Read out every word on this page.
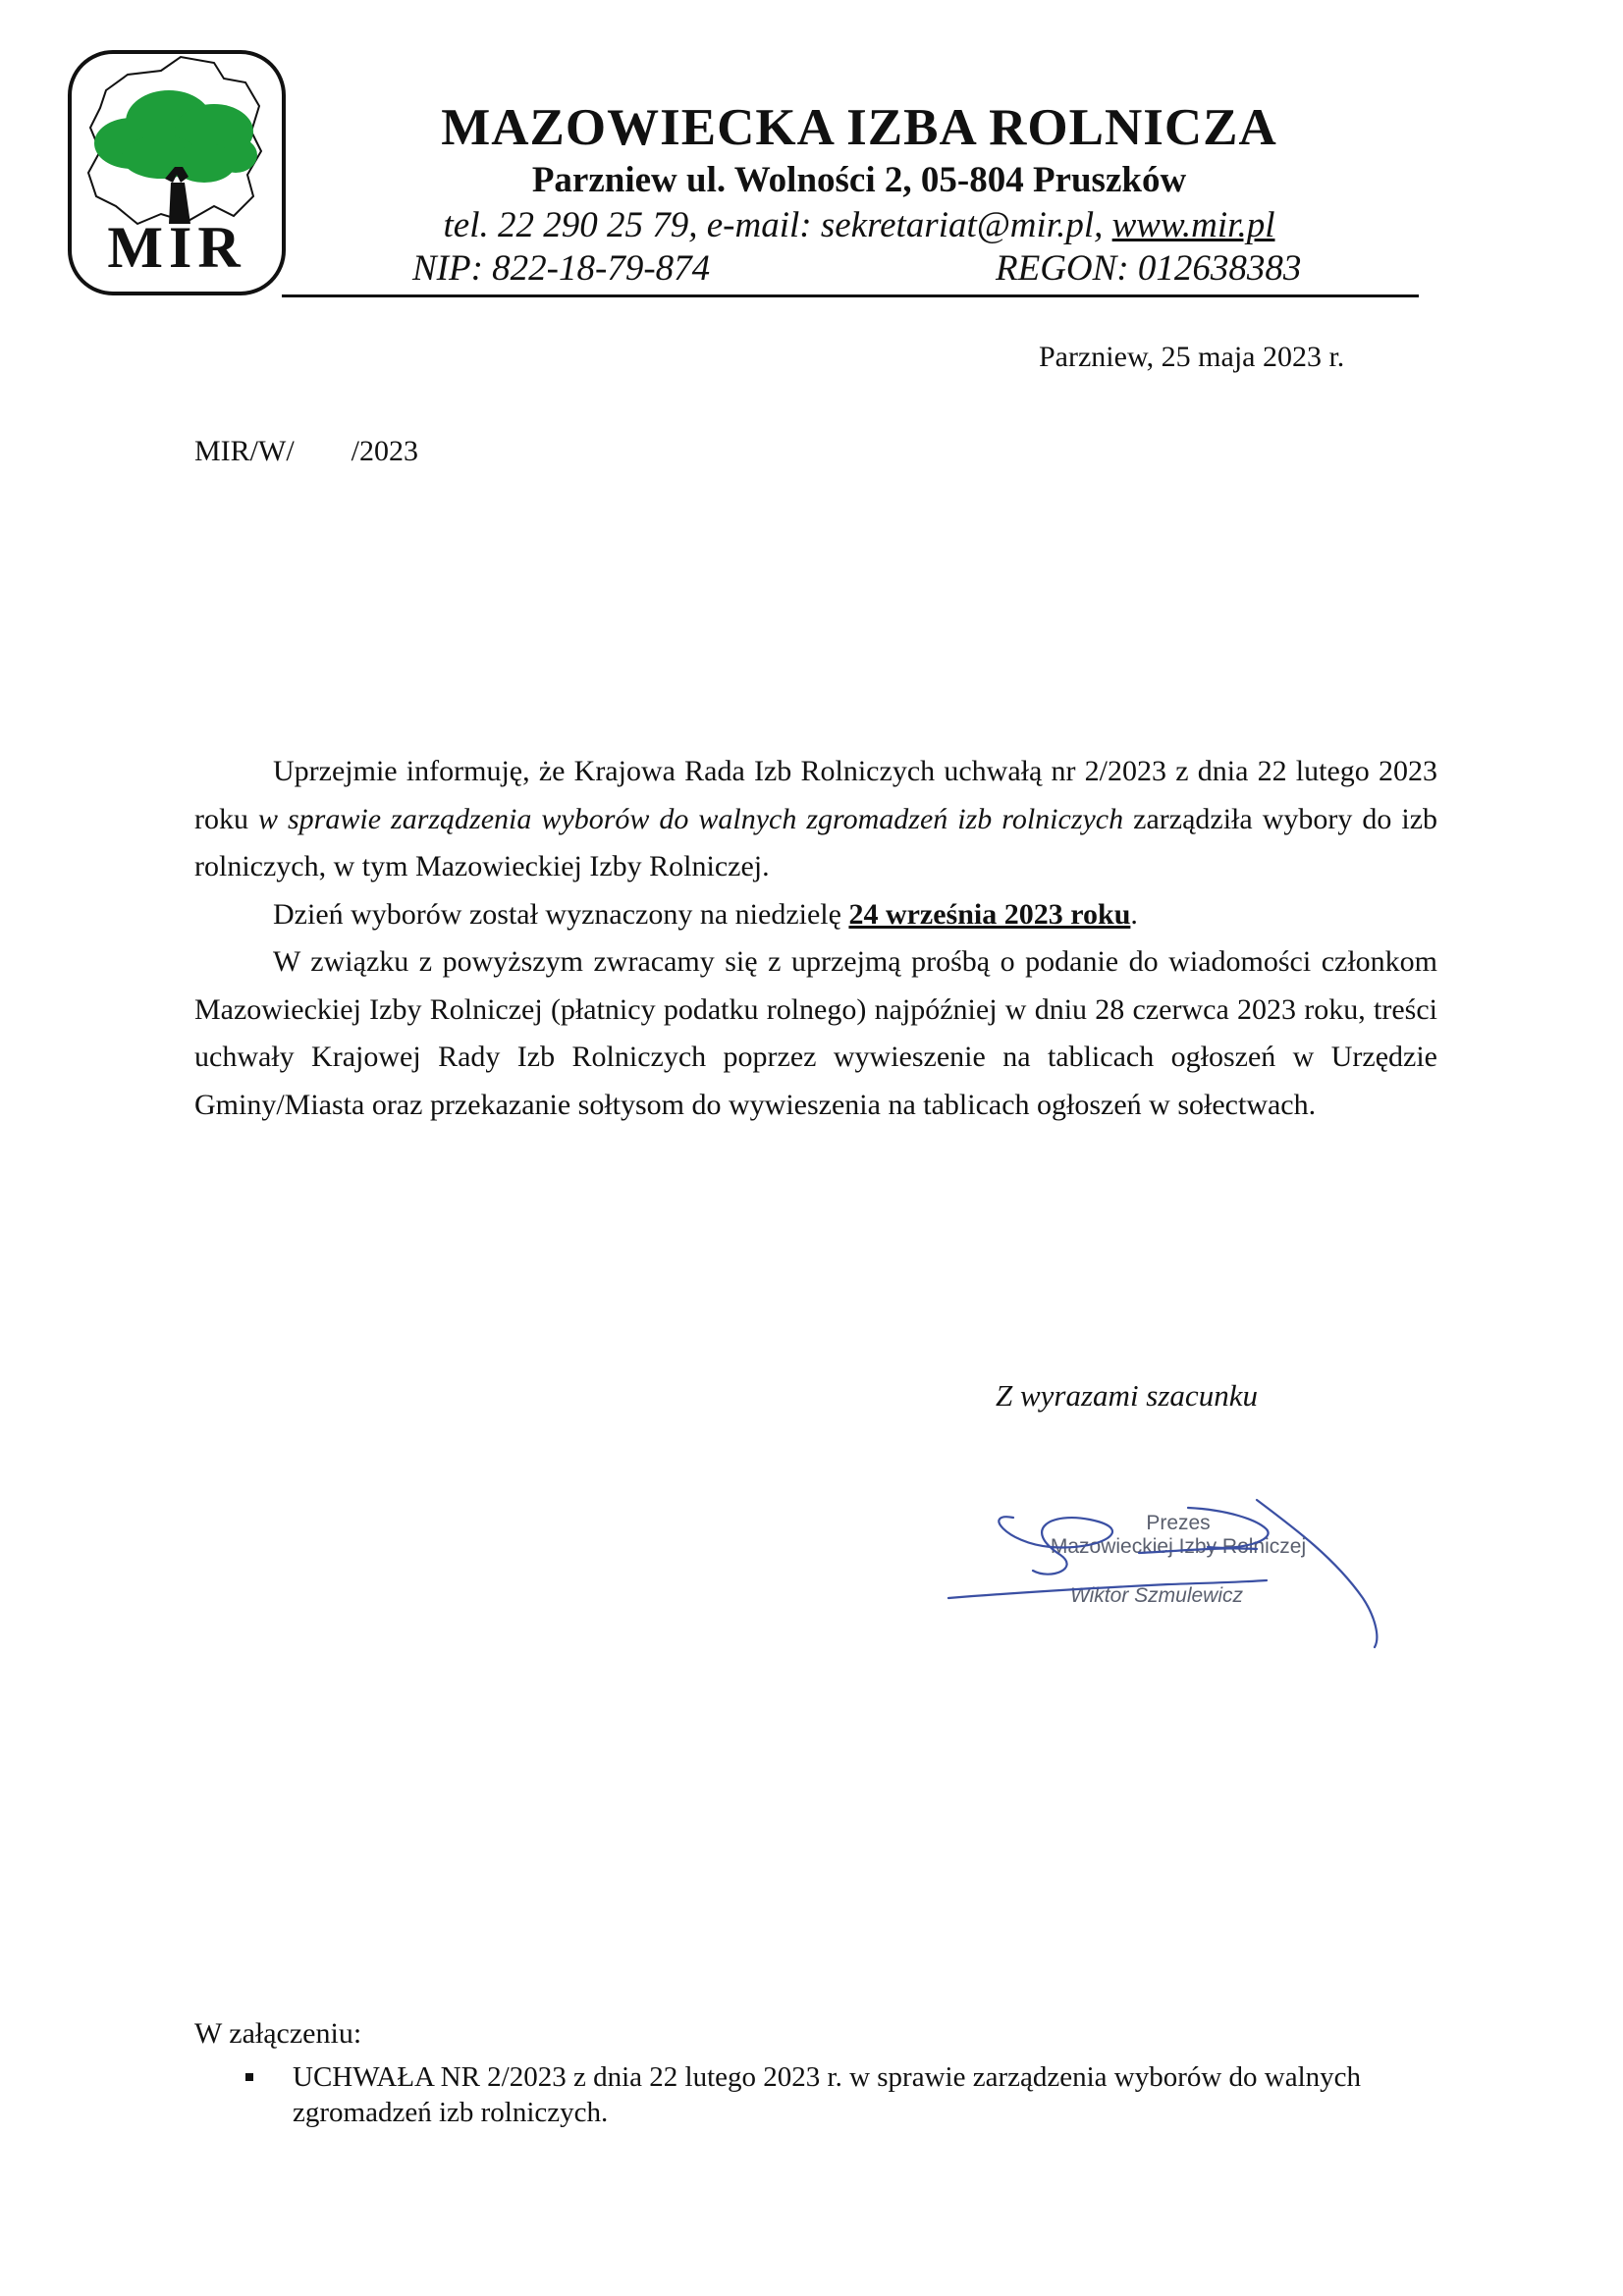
MIR
MAZOWIECKA IZBA ROLNICZA
Parzniew ul. Wolności 2, 05-804 Pruszków
tel. 22 290 25 79, e-mail: sekretariat@mir.pl, www.mir.pl
NIP: 822-18-79-874	REGON: 012638383
Parzniew, 25 maja 2023 r.
MIR/W/ /2023

Uprzejmie informuję, że Krajowa Rada Izb Rolniczych uchwałą nr 2/2023 z dnia 22 lutego 2023 roku w sprawie zarządzenia wyborów do walnych zgromadzeń izb rolniczych zarządziła wybory do izb rolniczych, w tym Mazowieckiej Izby Rolniczej.

Dzień wyborów został wyznaczony na niedzielę 24 września 2023 roku.

W związku z powyższym zwracamy się z uprzejmą prośbą o podanie do wiadomości członkom Mazowieckiej Izby Rolniczej (płatnicy podatku rolnego) najpóźniej w dniu 28 czerwca 2023 roku, treści uchwały Krajowej Rady Izb Rolniczych poprzez wywieszenie na tablicach ogłoszeń w Urzędzie Gminy/Miasta oraz przekazanie sołtysom do wywieszenia na tablicach ogłoszeń w sołectwach.

Z wyrazami szacunku
Prezes
Mazowieckiej Izby Rolniczej
Wiktor Szmulewicz
W załączeniu:
UCHWAŁA NR 2/2023 z dnia 22 lutego 2023 r. w sprawie zarządzenia wyborów do walnych zgromadzeń izb rolniczych.
